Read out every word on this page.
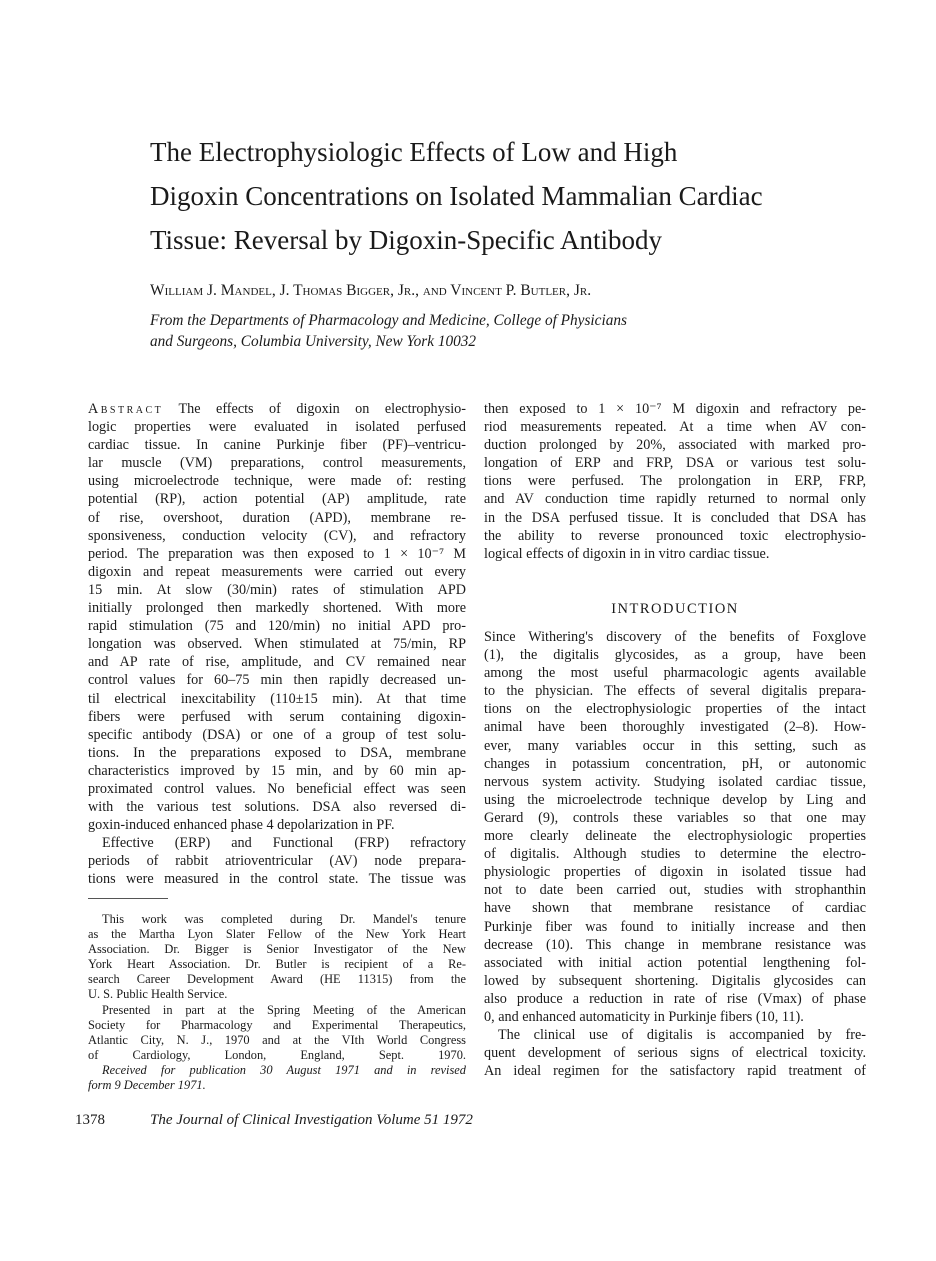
The Electrophysiologic Effects of Low and High
Digoxin Concentrations on Isolated Mammalian Cardiac
Tissue: Reversal by Digoxin-Specific Antibody
William J. Mandel, J. Thomas Bigger, Jr., and Vincent P. Butler, Jr.
From the Departments of Pharmacology and Medicine, College of Physicians
and Surgeons, Columbia University, New York 10032
Abstract The effects of digoxin on electrophysio-
logic properties were evaluated in isolated perfused
cardiac tissue. In canine Purkinje fiber (PF)–ventricu-
lar muscle (VM) preparations, control measurements,
using microelectrode technique, were made of: resting
potential (RP), action potential (AP) amplitude, rate
of rise, overshoot, duration (APD), membrane re-
sponsiveness, conduction velocity (CV), and refractory
period. The preparation was then exposed to 1 × 10⁻⁷ M
digoxin and repeat measurements were carried out every
15 min. At slow (30/min) rates of stimulation APD
initially prolonged then markedly shortened. With more
rapid stimulation (75 and 120/min) no initial APD pro-
longation was observed. When stimulated at 75/min, RP
and AP rate of rise, amplitude, and CV remained near
control values for 60–75 min then rapidly decreased un-
til electrical inexcitability (110±15 min). At that time
fibers were perfused with serum containing digoxin-
specific antibody (DSA) or one of a group of test solu-
tions. In the preparations exposed to DSA, membrane
characteristics improved by 15 min, and by 60 min ap-
proximated control values. No beneficial effect was seen
with the various test solutions. DSA also reversed di-
goxin-induced enhanced phase 4 depolarization in PF.
Effective (ERP) and Functional (FRP) refractory
periods of rabbit atrioventricular (AV) node prepara-
tions were measured in the control state. The tissue was
then exposed to 1 × 10⁻⁷ M digoxin and refractory pe-
riod measurements repeated. At a time when AV con-
duction prolonged by 20%, associated with marked pro-
longation of ERP and FRP, DSA or various test solu-
tions were perfused. The prolongation in ERP, FRP,
and AV conduction time rapidly returned to normal only
in the DSA perfused tissue. It is concluded that DSA has
the ability to reverse pronounced toxic electrophysio-
logical effects of digoxin in in vitro cardiac tissue.
INTRODUCTION
Since Withering's discovery of the benefits of Foxglove
(1), the digitalis glycosides, as a group, have been
among the most useful pharmacologic agents available
to the physician. The effects of several digitalis prepara-
tions on the electrophysiologic properties of the intact
animal have been thoroughly investigated (2–8). How-
ever, many variables occur in this setting, such as
changes in potassium concentration, pH, or autonomic
nervous system activity. Studying isolated cardiac tissue,
using the microelectrode technique develop by Ling and
Gerard (9), controls these variables so that one may
more clearly delineate the electrophysiologic properties
of digitalis. Although studies to determine the electro-
physiologic properties of digoxin in isolated tissue had
not to date been carried out, studies with strophanthin
have shown that membrane resistance of cardiac
Purkinje fiber was found to initially increase and then
decrease (10). This change in membrane resistance was
associated with initial action potential lengthening fol-
lowed by subsequent shortening. Digitalis glycosides can
also produce a reduction in rate of rise (Vmax) of phase
0, and enhanced automaticity in Purkinje fibers (10, 11).
The clinical use of digitalis is accompanied by fre-
quent development of serious signs of electrical toxicity.
An ideal regimen for the satisfactory rapid treatment of
This work was completed during Dr. Mandel's tenure
as the Martha Lyon Slater Fellow of the New York Heart
Association. Dr. Bigger is Senior Investigator of the New
York Heart Association. Dr. Butler is recipient of a Re-
search Career Development Award (HE 11315) from the
U. S. Public Health Service.
Presented in part at the Spring Meeting of the American
Society for Pharmacology and Experimental Therapeutics,
Atlantic City, N. J., 1970 and at the VIth World Congress
of Cardiology, London, England, Sept. 1970.
Received for publication 30 August 1971 and in revised
form 9 December 1971.
1378	The Journal of Clinical Investigation Volume 51 1972
